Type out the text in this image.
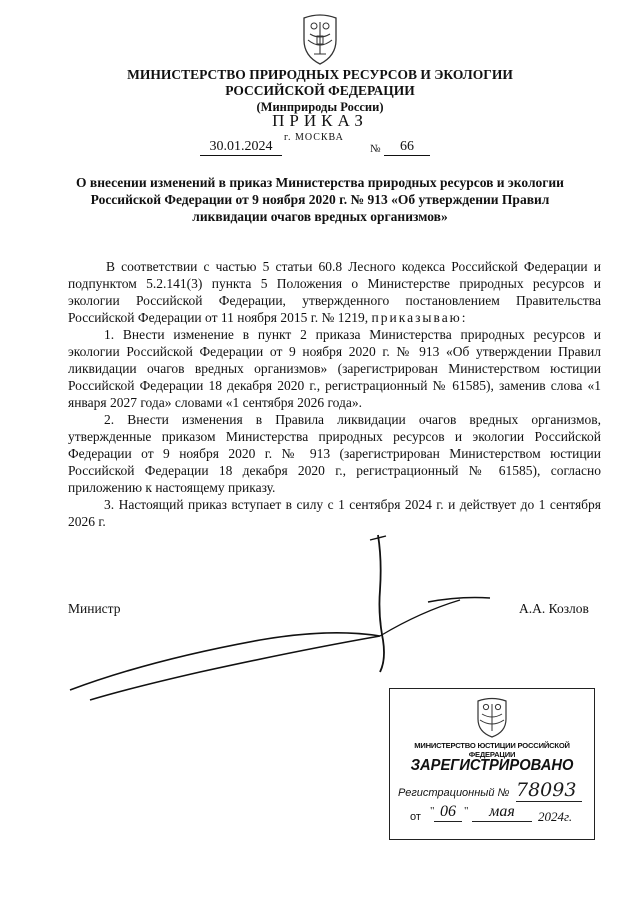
МИНИСТЕРСТВО ПРИРОДНЫХ РЕСУРСОВ И ЭКОЛОГИИ
РОССИЙСКОЙ ФЕДЕРАЦИИ
(Минприроды России)
ПРИКАЗ
30.01.2024
г. МОСКВА
№	66
О внесении изменений в приказ Министерства природных ресурсов и экологии Российской Федерации от 9 ноября 2020 г. № 913 «Об утверждении Правил ликвидации очагов вредных организмов»

В соответствии с частью 5 статьи 60.8 Лесного кодекса Российской Федерации и подпунктом 5.2.141(3) пункта 5 Положения о Министерстве природных ресурсов и экологии Российской Федерации, утвержденного постановлением Правительства Российской Федерации от 11 ноября 2015 г. № 1219, приказываю:

1. Внести изменение в пункт 2 приказа Министерства природных ресурсов и экологии Российской Федерации от 9 ноября 2020 г. № 913 «Об утверждении Правил ликвидации очагов вредных организмов» (зарегистрирован Министерством юстиции Российской Федерации 18 декабря 2020 г., регистрационный № 61585), заменив слова «1 января 2027 года» словами «1 сентября 2026 года».

2. Внести изменения в Правила ликвидации очагов вредных организмов, утвержденные приказом Министерства природных ресурсов и экологии Российской Федерации от 9 ноября 2020 г. № 913 (зарегистрирован Министерством юстиции Российской Федерации 18 декабря 2020 г., регистрационный № 61585), согласно приложению к настоящему приказу.

3. Настоящий приказ вступает в силу с 1 сентября 2024 г. и действует до 1 сентября 2026 г.

Министр	А.А. Козлов
МИНИСТЕРСТВО ЮСТИЦИИ РОССИЙСКОЙ ФЕДЕРАЦИИ
ЗАРЕГИСТРИРОВАНО
Регистрационный № 78093
от " 06 "	мая	2024г.
